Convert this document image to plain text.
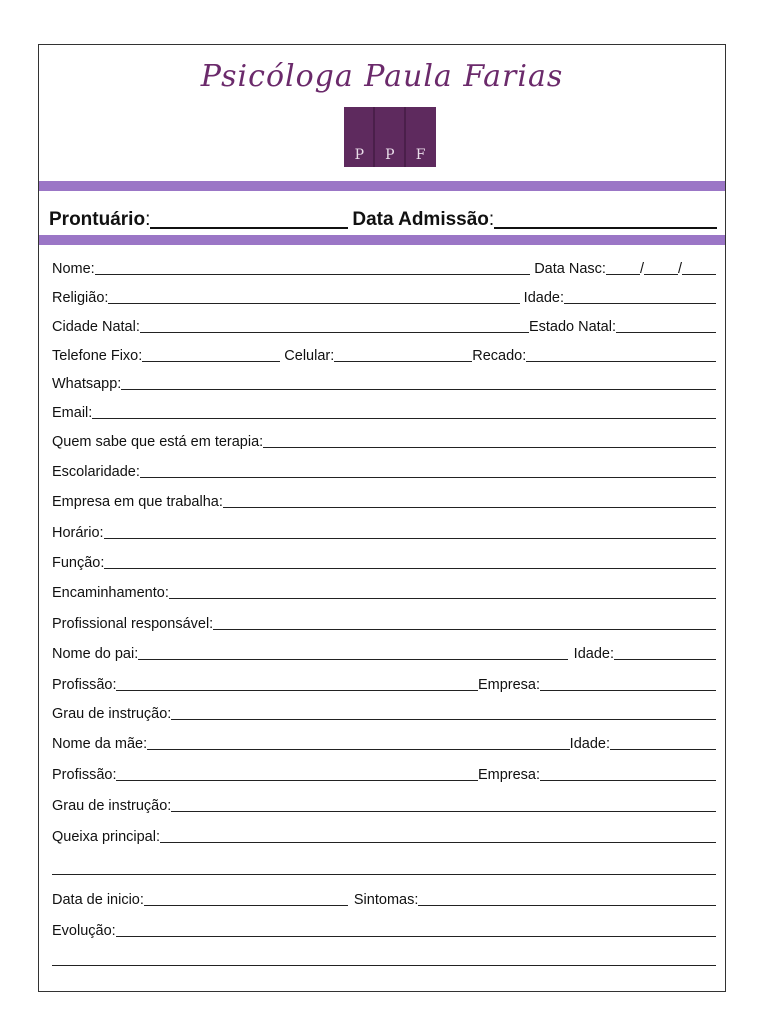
Psicóloga Paula Farias
P P F
Prontuário :	Data Admissão :
Nome:	Data Nasc: / /
Religião:	Idade:
Cidade Natal:	Estado Natal:
Telefone Fixo:	Celular:	Recado:
Whatsapp:
Email:
Quem sabe que está em terapia:
Escolaridade:
Empresa em que trabalha:
Horário:
Função:
Encaminhamento:
Profissional responsável:
Nome do pai:	Idade:
Profissão:	Empresa:
Grau de instrução:
Nome da mãe:	Idade:
Profissão:	Empresa:
Grau de instrução:
Queixa principal:
Data de inicio:	Sintomas:
Evolução:
